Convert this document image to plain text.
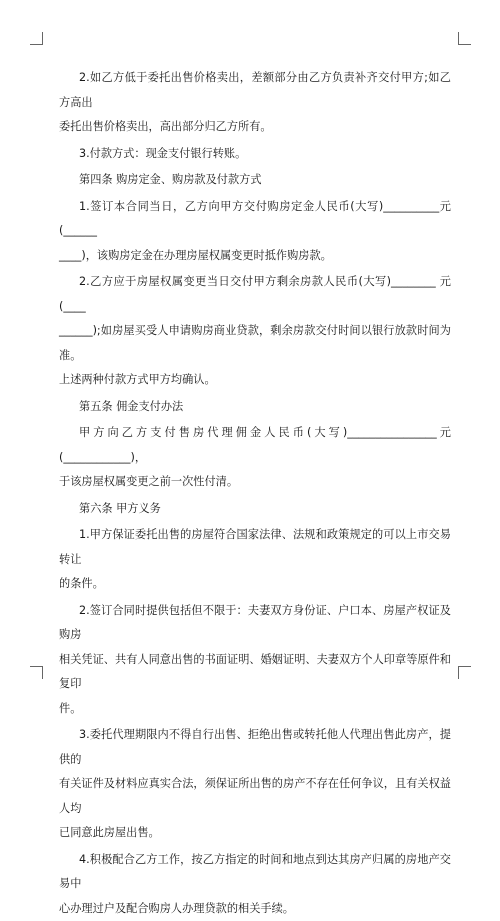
2.如乙方低于委托出售价格卖出，差额部分由乙方负责补齐交付甲方;如乙方高出

委托出售价格卖出，高出部分归乙方所有。

3.付款方式：现金支付银行转账。

第四条 购房定金、购房款及付款方式

1.签订本合同当日，乙方向甲方交付购房定金人民币(大写)__________元(______

____)，该购房定金在办理房屋权属变更时抵作购房款。

2.乙方应于房屋权属变更当日交付甲方剩余房款人民币(大写)________ 元(____

______);如房屋买受人申请购房商业贷款，剩余房款交付时间以银行放款时间为准。

上述两种付款方式甲方均确认。

第五条 佣金支付办法

甲方向乙方支付售房代理佣金人民币(大写)________________元(____________)，

于该房屋权属变更之前一次性付清。

第六条 甲方义务

1.甲方保证委托出售的房屋符合国家法律、法规和政策规定的可以上市交易转让

的条件。

2.签订合同时提供包括但不限于：夫妻双方身份证、户口本、房屋产权证及购房

相关凭证、共有人同意出售的书面证明、婚姻证明、夫妻双方个人印章等原件和复印

件。

3.委托代理期限内不得自行出售、拒绝出售或转托他人代理出售此房产，提供的

有关证件及材料应真实合法，须保证所出售的房产不存在任何争议，且有关权益人均

已同意此房屋出售。

4.积极配合乙方工作，按乙方指定的时间和地点到达其房产归属的房地产交易中

心办理过户及配合购房人办理贷款的相关手续。
